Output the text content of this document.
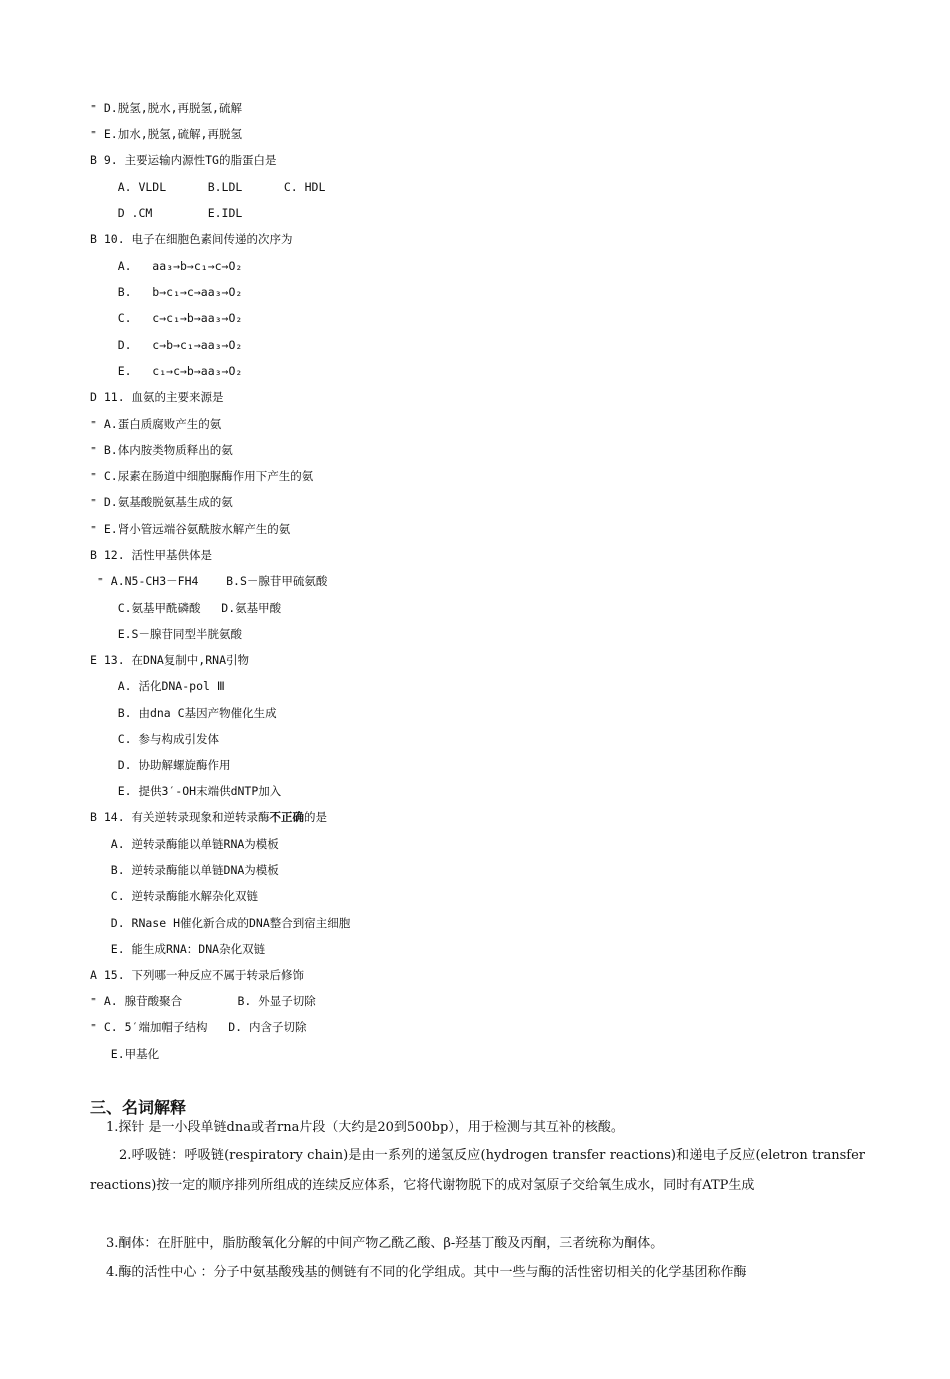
⁼ D.脱氢,脱水,再脱氢,硫解
⁼ E.加水,脱氢,硫解,再脱氢
B 9. 主要运输内源性TG的脂蛋白是
A. VLDL      B.LDL      C. HDL
D .CM        E.IDL
B 10. 电子在细胞色素间传递的次序为
A.   aa₃→b→c₁→c→O₂
B.   b→c₁→c→aa₃→O₂
C.   c→c₁→b→aa₃→O₂
D.   c→b→c₁→aa₃→O₂
E.   c₁→c→b→aa₃→O₂
D 11. 血氨的主要来源是
⁼ A.蛋白质腐败产生的氨
⁼ B.体内胺类物质释出的氨
⁼ C.尿素在肠道中细胞脲酶作用下产生的氨
⁼ D.氨基酸脱氨基生成的氨
⁼ E.肾小管远端谷氨酰胺水解产生的氨
B 12. 活性甲基供体是
⁼ A.N5-CH3－FH4    B.S－腺苷甲硫氨酸
C.氨基甲酰磷酸   D.氨基甲酸
E.S－腺苷同型半胱氨酸
E 13. 在DNA复制中,RNA引物
A. 活化DNA-pol Ⅲ
B. 由dna C基因产物催化生成
C. 参与构成引发体
D. 协助解螺旋酶作用
E. 提供3′-OH末端供dNTP加入
B 14. 有关逆转录现象和逆转录酶不正确的是
A. 逆转录酶能以单链RNA为模板
B. 逆转录酶能以单链DNA为模板
C. 逆转录酶能水解杂化双链
D. RNase H催化新合成的DNA整合到宿主细胞
E. 能生成RNA：DNA杂化双链
A 15. 下列哪一种反应不属于转录后修饰
⁼ A. 腺苷酸聚合        B. 外显子切除
⁼ C. 5′端加帽子结构   D. 内含子切除
E.甲基化
三、名词解释
1.探针 是一小段单链dna或者rna片段（大约是20到500bp），用于检测与其互补的核酸。
2.呼吸链：呼吸链(respiratory chain)是由一系列的递氢反应(hydrogen transfer reactions)和递电子反应(eletron transfer reactions)按一定的顺序排列所组成的连续反应体系，它将代谢物脱下的成对氢原子交给氧生成水，同时有ATP生成
3.酮体：在肝脏中，脂肪酸氧化分解的中间产物乙酰乙酸、β-羟基丁酸及丙酮，三者统称为酮体。
4.酶的活性中心 ：分子中氨基酸残基的侧链有不同的化学组成。其中一些与酶的活性密切相关的化学基团称作酶
